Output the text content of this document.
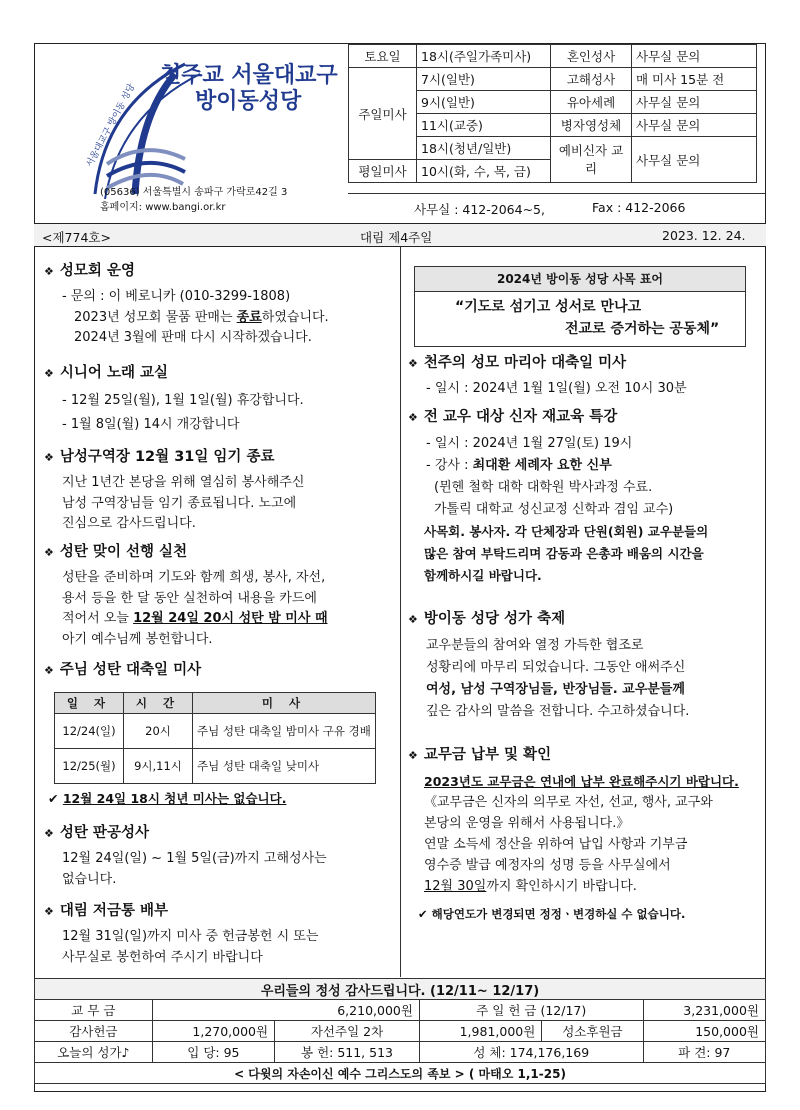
천주교 서울대교구
방이동성당
서울대교구 방이동 성당
(05636) 서울특별시 송파구 가락로42길 3
홈페이지: www.bangi.or.kr
토요일	18시(주일가족미사)	혼인성사	사무실 문의
주일미사	7시(일반)	고해성사	매 미사 15분 전
	9시(일반)	유아세례	사무실 문의
	11시(교중)	병자영성체	사무실 문의
	18시(청년/일반)	예비신자 교리	사무실 문의
평일미사	10시(화, 수, 목, 금)		
사무실 : 412-2064~5,	Fax : 412-2066
<제774호>	대림 제4주일	2023. 12. 24.
❖ 성모회 운영

- 문의 : 이 베로니카 (010-3299-1808)

2023년 성모회 물품 판매는 종료하였습니다.

2024년 3월에 판매 다시 시작하겠습니다.

❖ 시니어 노래 교실

- 12월 25일(월), 1월 1일(월) 휴강합니다.

- 1월 8일(월) 14시 개강합니다

❖ 남성구역장 12월 31일 임기 종료

지난 1년간 본당을 위해 열심히 봉사해주신

남성 구역장님들 임기 종료됩니다. 노고에

진심으로 감사드립니다.

❖ 성탄 맞이 선행 실천

성탄을 준비하며 기도와 함께 희생, 봉사, 자선,

용서 등을 한 달 동안 실천하여 내용을 카드에

적어서 오늘 12월 24일 20시 성탄 밤 미사 때

아기 예수님께 봉헌합니다.

❖ 주님 성탄 대축일 미사
일 자	시 간	미 사
12/24(일)	20시	주님 성탄 대축일 밤미사 구유 경배
12/25(월)	9시,11시	주님 성탄 대축일 낮미사
✔ 12월 24일 18시 청년 미사는 없습니다.
❖ 성탄 판공성사

12월 24일(일) ~ 1월 5일(금)까지 고해성사는

없습니다.

❖ 대림 저금통 배부

12월 31일(일)까지 미사 중 헌금봉헌 시 또는

사무실로 봉헌하여 주시기 바랍니다

2024년 방이동 성당 사목 표어
“기도로 섬기고 성서로 만나고
전교로 증거하는 공동체”
❖ 천주의 성모 마리아 대축일 미사

- 일시 : 2024년 1월 1일(월) 오전 10시 30분

❖ 전 교우 대상 신자 재교육 특강

- 일시 : 2024년 1월 27일(토) 19시

- 강사 : 최대환 세례자 요한 신부

(뮌헨 철학 대학 대학원 박사과정 수료.

가톨릭 대학교 성신교정 신학과 겸임 교수)

사목회. 봉사자. 각 단체장과 단원(회원) 교우분들의

많은 참여 부탁드리며 감동과 은총과 배움의 시간을

함께하시길 바랍니다.

❖ 방이동 성당 성가 축제

교우분들의 참여와 열정 가득한 협조로

성황리에 마무리 되었습니다. 그동안 애써주신

여성, 남성 구역장님들, 반장님들. 교우분들께

깊은 감사의 말씀을 전합니다. 수고하셨습니다.

❖ 교무금 납부 및 확인

2023년도 교무금은 연내에 납부 완료해주시기 바랍니다.

《교무금은 신자의 의무로 자선, 선교, 행사, 교구와

본당의 운영을 위해서 사용됩니다.》

연말 소득세 정산을 위하여 납입 사항과 기부금

영수증 발급 예정자의 성명 등을 사무실에서

12월 30일까지 확인하시기 바랍니다.

✔ 해당연도가 변경되면 정정ㆍ변경하실 수 없습니다.
우리들의 정성 감사드립니다. (12/11~ 12/17)					
교 무 금	6,210,000원		주 일 헌 금 (12/17)		3,231,000원
감사헌금	1,270,000원	자선주일 2차	1,981,000원	성소후원금	150,000원
오늘의 성가♪	입 당: 95	봉 헌: 511, 513	성 체: 174,176,169		파 견: 97
< 다윗의 자손이신 예수 그리스도의 족보 > ( 마태오 1,1-25)					
